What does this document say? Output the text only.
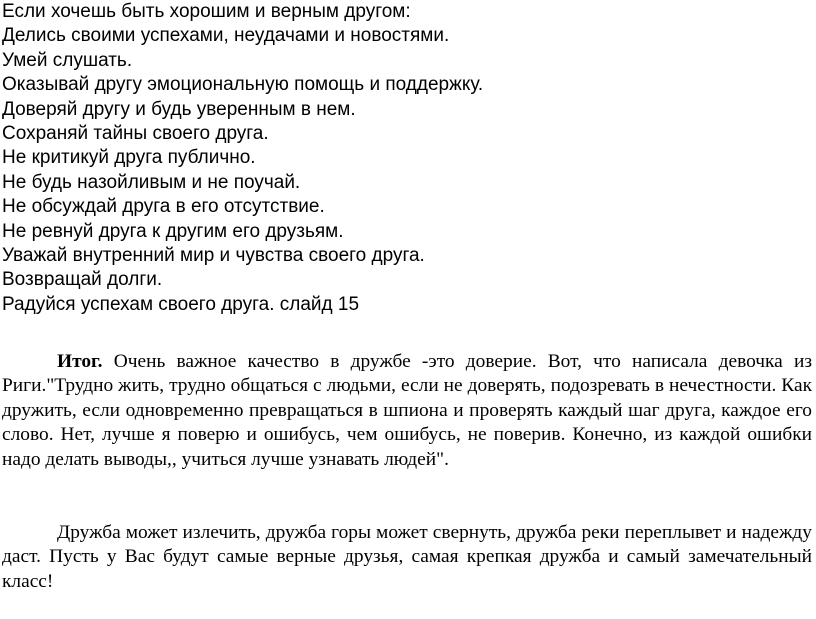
Если хочешь быть хорошим и верным другом:
Делись своими успехами, неудачами и новостями.
Умей слушать.
Оказывай другу эмоциональную помощь и поддержку.
Доверяй другу и будь уверенным в нем.
Сохраняй тайны своего друга.
Не критикуй друга публично.
Не будь назойливым и не поучай.
Не обсуждай друга в его отсутствие.
Не ревнуй друга к другим его друзьям.
Уважай внутренний мир и чувства своего друга.
Возвращай долги.
Радуйся успехам своего друга. слайд 15

Итог. Очень важное качество в дружбе -это доверие. Вот, что написала девочка из Риги."Трудно жить, трудно общаться с людьми, если не доверять, подозревать в нечестности. Как дружить, если одновременно превращаться в шпиона и проверять каждый шаг друга, каждое его слово. Нет, лучше я поверю и ошибусь, чем ошибусь, не поверив. Конечно, из каждой ошибки надо делать выводы,, учиться лучше узнавать людей".

Дружба может излечить, дружба горы может свернуть, дружба реки переплывет и надежду даст. Пусть у Вас будут самые верные друзья, самая крепкая дружба и самый замечательный класс!
